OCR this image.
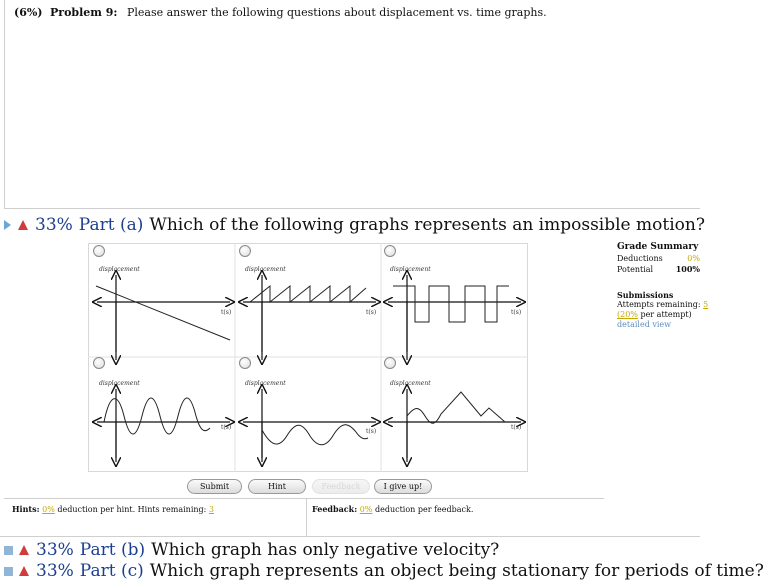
(6%) Problem 9: Please answer the following questions about displacement vs. time graphs.
33% Part (a) Which of the following graphs represents an impossible motion?
displacement
t(s)
displacement
t(s)
displacement
t(s)
displacement
t(s)
displacement
t(s)
displacement
t(s)
Grade Summary
Deductions	0%
Potential	100%
Submissions
Attempts remaining: 5
(20% per attempt)
detailed view
Submit	Hint	Feedback	I give up!
Hints: 0% deduction per hint. Hints remaining: 3	Feedback: 0% deduction per feedback.
33% Part (b) Which graph has only negative velocity?
33% Part (c) Which graph represents an object being stationary for periods of time?
